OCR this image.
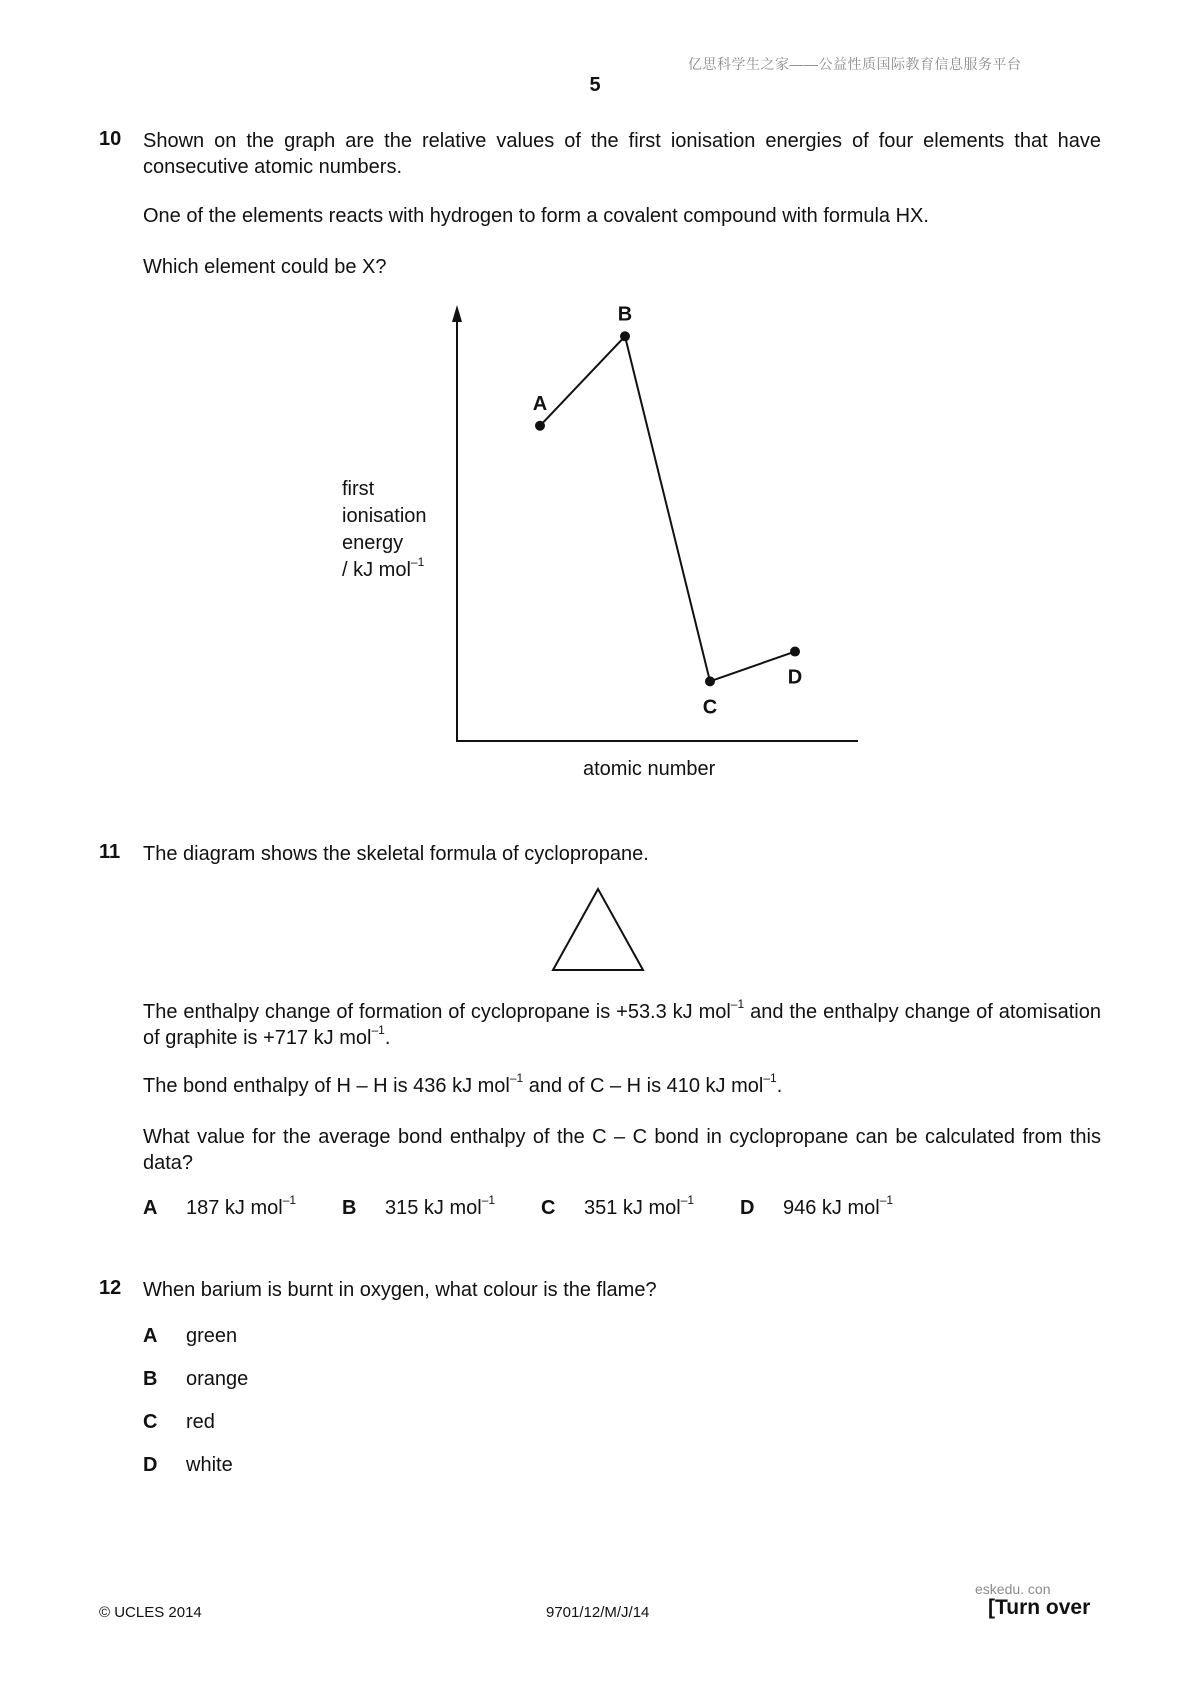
亿思科学生之家——公益性质国际教育信息服务平台
5
10 Shown on the graph are the relative values of the first ionisation energies of four elements that have consecutive atomic numbers.
One of the elements reacts with hydrogen to form a covalent compound with formula HX.
Which element could be X?
A
B
C
D
first
ionisation
energy
/ kJ mol$^{-1}$
atomic number
11 The diagram shows the skeletal formula of cyclopropane.
The enthalpy change of formation of cyclopropane is +53.3 kJ mol$^{-1}$ and the enthalpy change of atomisation of graphite is +717 kJ mol$^{-1}$.
The bond enthalpy of H – H is 436 kJ mol$^{-1}$ and of C – H is 410 kJ mol$^{-1}$.
What value for the average bond enthalpy of the C – C bond in cyclopropane can be calculated from this data?
A 187 kJ mol$^{-1}$ B 315 kJ mol$^{-1}$ C 351 kJ mol$^{-1}$ D 946 kJ mol$^{-1}$
12 When barium is burnt in oxygen, what colour is the flame?
A green
B orange
C red
D white
eskedu. con
© UCLES 2014	9701/12/M/J/14	[Turn over
